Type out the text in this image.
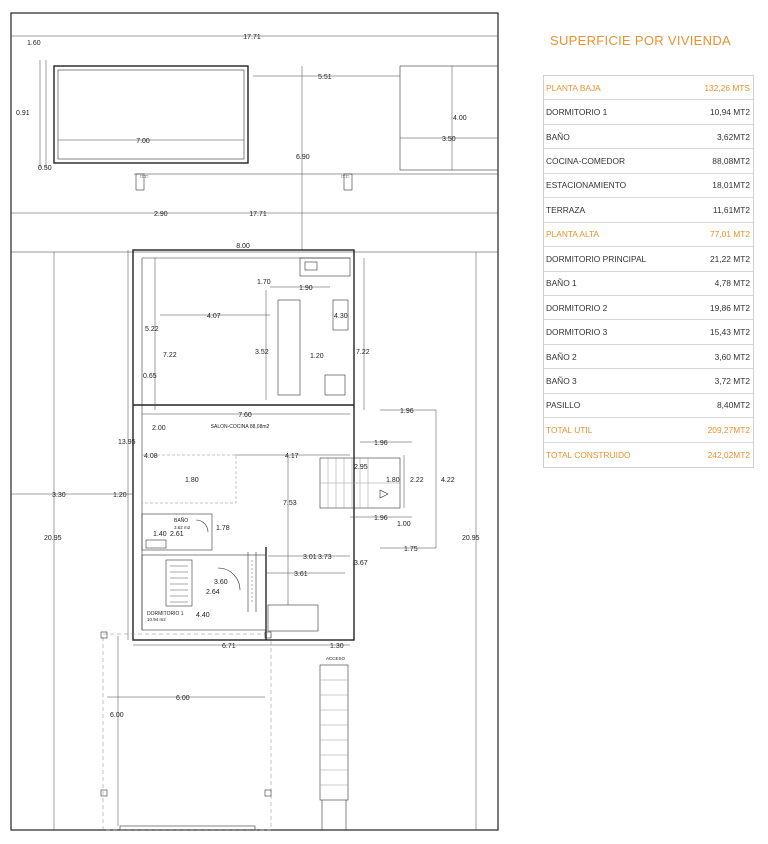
17.71
1.60
0.91
7.00
0.50
5.51
4.00
3.50
6.90
□□□	□□□
2.90	17.71
8.00
1.70
1.90
4.07
5.22
4.30
3.52
1.20
7.22	7.22
0.65
7.60
SALON-COCINA 88,08m2
2.00
1.96
1.96
13.95
4.08	4.17
2.95
1.80 2.22 4.22
3.30	1.20
1.80
7.53
1.96
1.00
BAÑO
3.62 m2	1.78
1.40 2.61
1.75
20.95	20.95
3.01 3.73
3.67
3.61
3.60
2.64
DORMITORIO 1
10.94 m2
4.40
6.71	1.30
ACCESO
6.00
6.00
SUPERFICIE POR VIVIENDA
PLANTA BAJA	132,26 MTS
DORMITORIO 1	10,94 MT2
BAÑO	3,62MT2
COCINA-COMEDOR	88,08MT2
ESTACIONAMIENTO	18,01MT2
TERRAZA	11,61MT2
PLANTA ALTA	77,01 MT2
DORMITORIO PRINCIPAL	21,22 MT2
BAÑO 1	4,78 MT2
DORMITORIO 2	19,86 MT2
DORMITORIO 3	15,43 MT2
BAÑO 2	3,60 MT2
BAÑO 3	3,72 MT2
PASILLO	8,40MT2
TOTAL UTIL	209,27MT2
TOTAL CONSTRUIDO	242,02MT2
